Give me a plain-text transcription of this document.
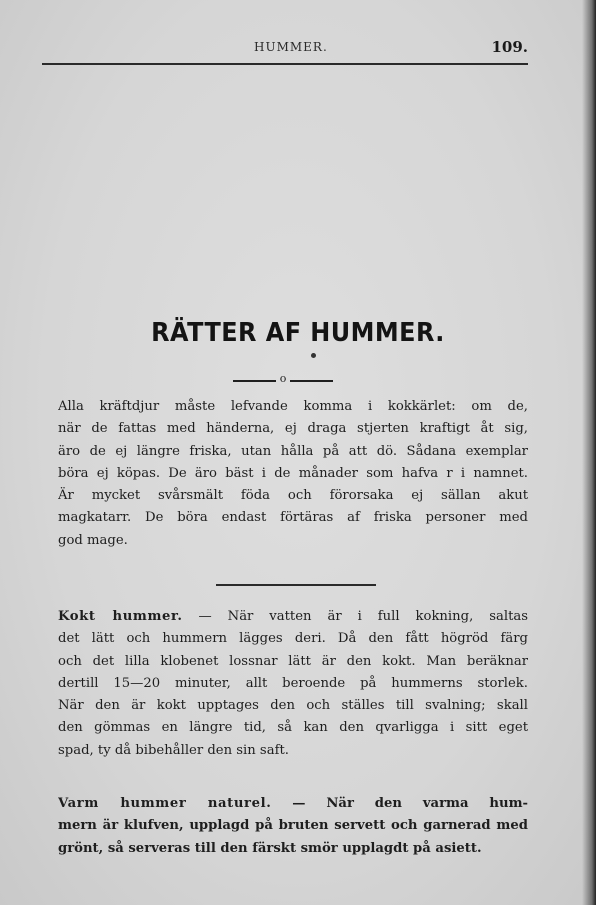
HUMMER.	109.
RÄTTER AF HUMMER.
o
Alla kräftdjur måste lefvande komma i kokkärlet: om de,
när de fattas med händerna, ej draga stjerten kraftigt åt sig,
äro de ej längre friska, utan hålla på att dö. Sådana exemplar
böra ej köpas. De äro bäst i de månader som hafva r i namnet.
Är mycket svårsmält föda och förorsaka ej sällan akut
magkatarr. De böra endast förtäras af friska personer med
god mage.
Kokt hummer. — När vatten är i full kokning, saltas
det lätt och hummern lägges deri. Då den fått högröd färg
och det lilla klobenet lossnar lätt är den kokt. Man beräknar
dertill 15—20 minuter, allt beroende på hummerns storlek.
När den är kokt upptages den och ställes till svalning; skall
den gömmas en längre tid, så kan den qvarligga i sitt eget
spad, ty då bibehåller den sin saft.
Varm hummer naturel. — När den varma hum-
mern är klufven, upplagd på bruten servett och garnerad med
grönt, så serveras till den färskt smör upplagdt på asiett.
